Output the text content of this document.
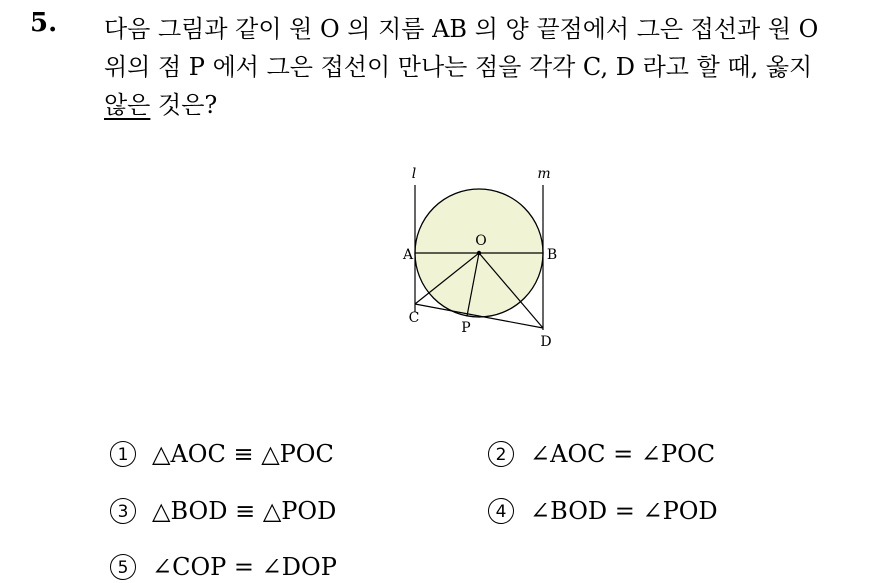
5. 다음 그림과 같이 원 O 의 지름 AB 의 양 끝점에서 그은 접선과 원 O
위의 점 P 에서 그은 접선이 만나는 점을 각각 C, D 라고 할 때, 옳지
않은 것은?
l	m
O
A	B
C
P
D
1 △AOC ≡ △POC	2 ∠AOC = ∠POC
3 △BOD ≡ △POD	4 ∠BOD = ∠POD
5 ∠COP = ∠DOP
